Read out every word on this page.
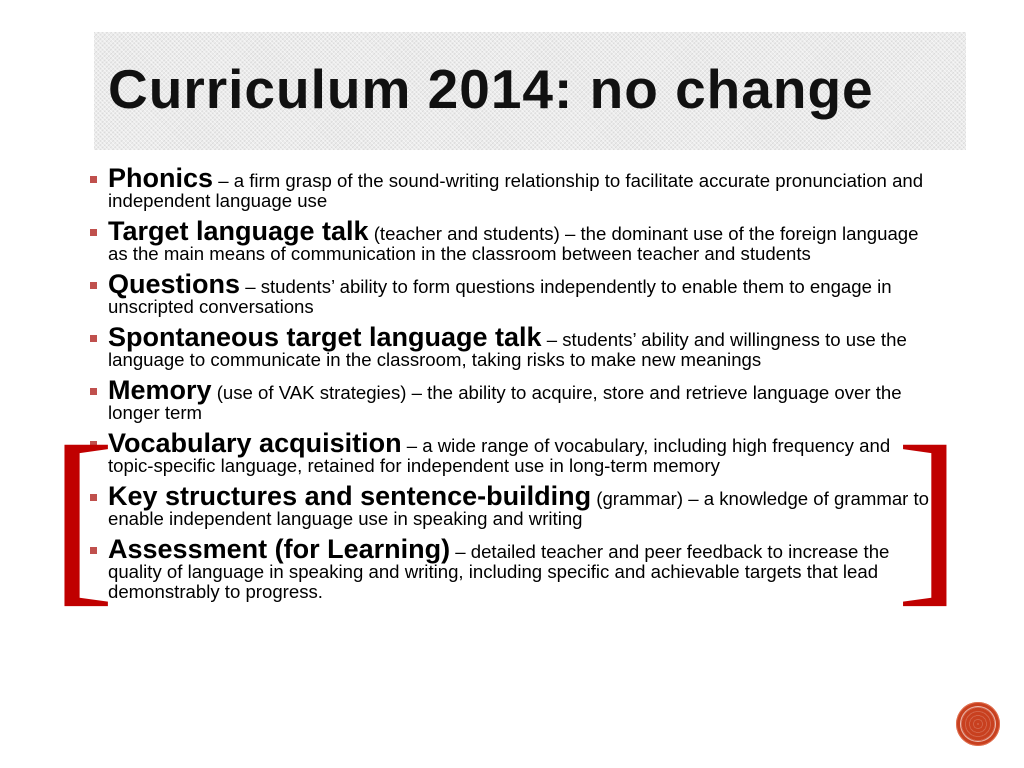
Curriculum 2014: no change
Phonics – a firm grasp of the sound-writing relationship to facilitate accurate pronunciation and independent language use
Target language talk (teacher and students) – the dominant use of the foreign language as the main means of communication in the classroom between teacher and students
Questions – students’ ability to form questions independently to enable them to engage in unscripted conversations
Spontaneous target language talk – students’ ability and willingness to use the language to communicate in the classroom, taking risks to make new meanings
Memory (use of VAK strategies) – the ability to acquire, store and retrieve language over the longer term
Vocabulary acquisition – a wide range of vocabulary, including high frequency and topic-specific language, retained for independent use in long-term memory
Key structures and sentence-building (grammar) – a knowledge of grammar to enable independent language use in speaking and writing
Assessment (for Learning) – detailed teacher and peer feedback to increase the quality of language in speaking and writing, including specific and achievable targets that lead demonstrably to progress.
[	]
